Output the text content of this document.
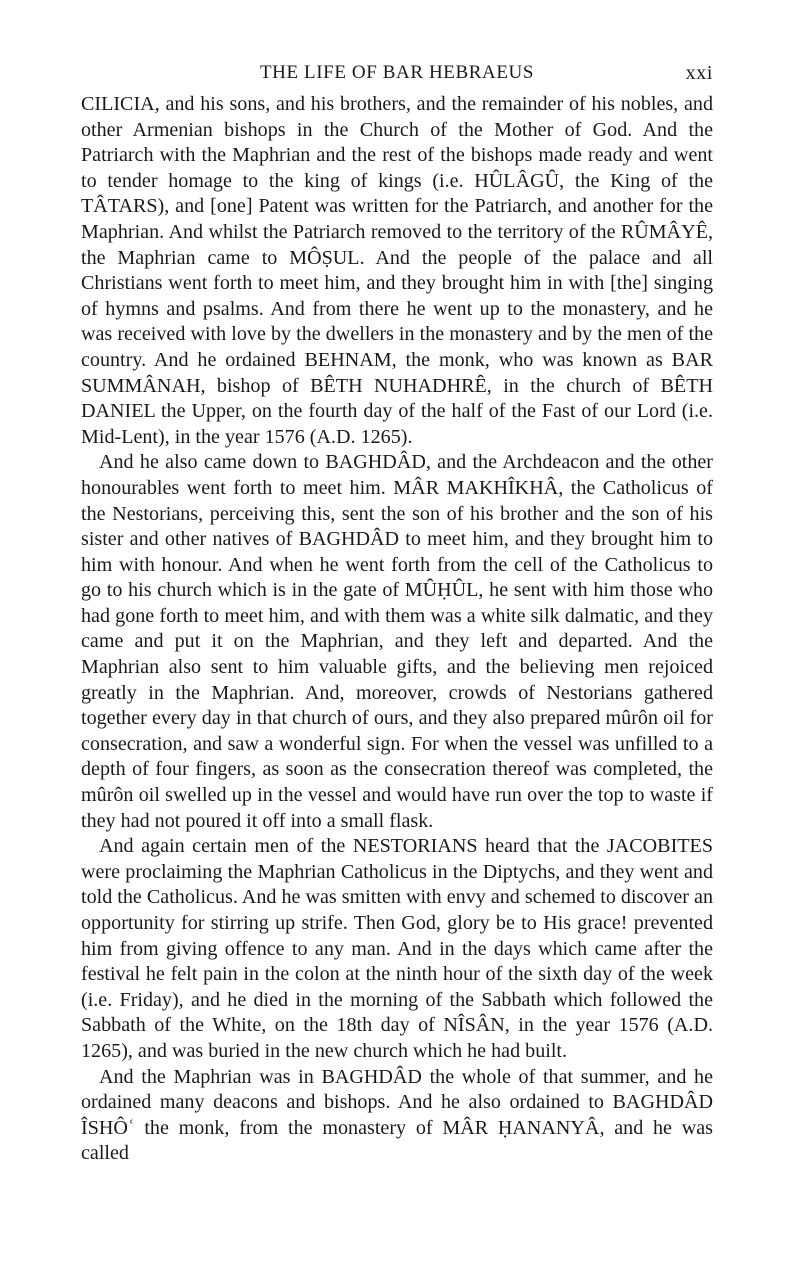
THE LIFE OF BAR HEBRAEUS	xxi

CILICIA, and his sons, and his brothers, and the remainder of his nobles, and other Armenian bishops in the Church of the Mother of God. And the Patriarch with the Maphrian and the rest of the bishops made ready and went to tender homage to the king of kings (i.e. HÛLÂGÛ, the King of the TÂTARS), and [one] Patent was written for the Patriarch, and another for the Maphrian. And whilst the Patriarch removed to the territory of the RÛMÂYÊ, the Maphrian came to MÔṢUL. And the people of the palace and all Christians went forth to meet him, and they brought him in with [the] singing of hymns and psalms. And from there he went up to the monastery, and he was received with love by the dwellers in the monastery and by the men of the country. And he ordained BEHNAM, the monk, who was known as BAR SUMMÂNAH, bishop of BÊTH NUHADHRÊ, in the church of BÊTH DANIEL the Upper, on the fourth day of the half of the Fast of our Lord (i.e. Mid-Lent), in the year 1576 (A.D. 1265).

And he also came down to BAGHDÂD, and the Archdeacon and the other honourables went forth to meet him. MÂR MAKHÎKHÂ, the Catholicus of the Nestorians, perceiving this, sent the son of his brother and the son of his sister and other natives of BAGHDÂD to meet him, and they brought him to him with honour. And when he went forth from the cell of the Catholicus to go to his church which is in the gate of MÛḤÛL, he sent with him those who had gone forth to meet him, and with them was a white silk dalmatic, and they came and put it on the Maphrian, and they left and departed. And the Maphrian also sent to him valuable gifts, and the believing men rejoiced greatly in the Maphrian. And, moreover, crowds of Nestorians gathered together every day in that church of ours, and they also prepared mûrôn oil for consecration, and saw a wonderful sign. For when the vessel was unfilled to a depth of four fingers, as soon as the consecration thereof was completed, the mûrôn oil swelled up in the vessel and would have run over the top to waste if they had not poured it off into a small flask.

And again certain men of the NESTORIANS heard that the JACOBITES were proclaiming the Maphrian Catholicus in the Diptychs, and they went and told the Catholicus. And he was smitten with envy and schemed to discover an opportunity for stirring up strife. Then God, glory be to His grace! prevented him from giving offence to any man. And in the days which came after the festival he felt pain in the colon at the ninth hour of the sixth day of the week (i.e. Friday), and he died in the morning of the Sabbath which followed the Sabbath of the White, on the 18th day of NÎSÂN, in the year 1576 (A.D. 1265), and was buried in the new church which he had built.

And the Maphrian was in BAGHDÂD the whole of that summer, and he ordained many deacons and bishops. And he also ordained to BAGHDÂD ÎSHÔʿ the monk, from the monastery of MÂR ḤANANYÂ, and he was called
